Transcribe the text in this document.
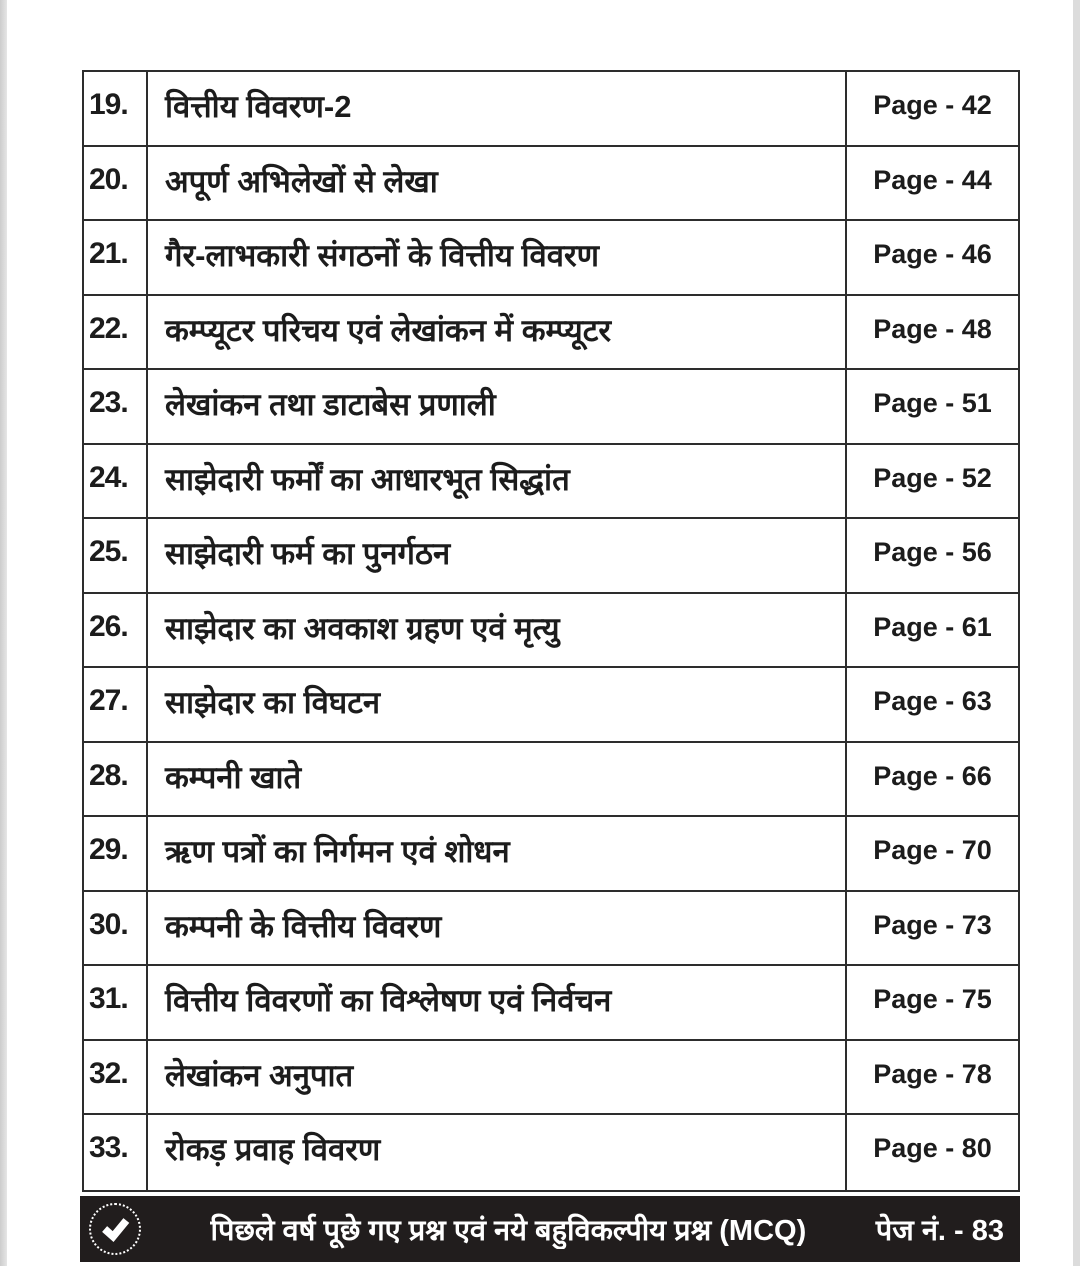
19.	वित्तीय विवरण-2	Page - 42
20.	अपूर्ण अभिलेखों से लेखा	Page - 44
21.	गैर-लाभकारी संगठनों के वित्तीय विवरण	Page - 46
22.	कम्प्यूटर परिचय एवं लेखांकन में कम्प्यूटर	Page - 48
23.	लेखांकन तथा डाटाबेस प्रणाली	Page - 51
24.	साझेदारी फर्मों का आधारभूत सिद्धांत	Page - 52
25.	साझेदारी फर्म का पुनर्गठन	Page - 56
26.	साझेदार का अवकाश ग्रहण एवं मृत्यु	Page - 61
27.	साझेदार का विघटन	Page - 63
28.	कम्पनी खाते	Page - 66
29.	ऋण पत्रों का निर्गमन एवं शोधन	Page - 70
30.	कम्पनी के वित्तीय विवरण	Page - 73
31.	वित्तीय विवरणों का विश्लेषण एवं निर्वचन	Page - 75
32.	लेखांकन अनुपात	Page - 78
33.	रोकड़ प्रवाह विवरण	Page - 80
पिछले वर्ष पूछे गए प्रश्न एवं नये बहुविकल्पीय प्रश्न (MCQ)	पेज नं. - 83
